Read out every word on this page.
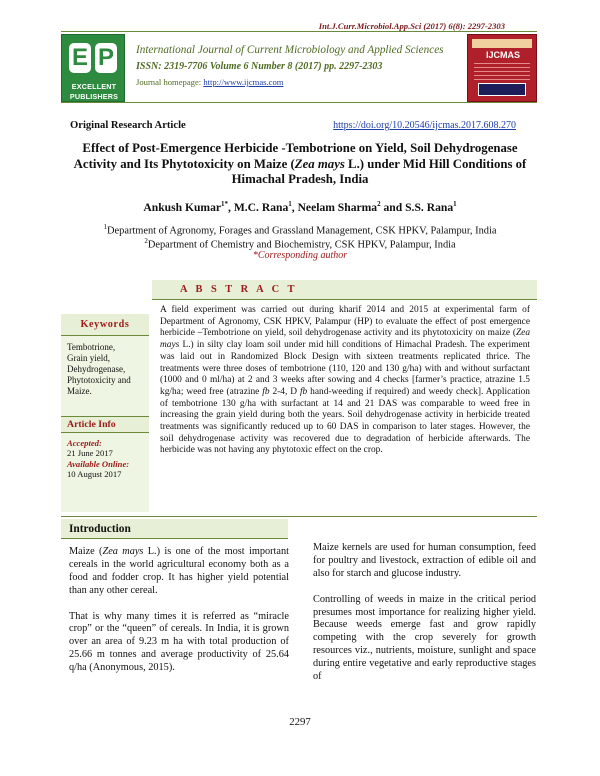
Int.J.Curr.Microbiol.App.Sci (2017) 6(8): 2297-2303
E P
EXCELLENT
PUBLISHERS
International Journal of Current Microbiology and Applied Sciences
ISSN: 2319-7706 Volume 6 Number 8 (2017) pp. 2297-2303
Journal homepage: http://www.ijcmas.com
IJCMAS
Original Research Article	https://doi.org/10.20546/ijcmas.2017.608.270
Effect of Post-Emergence Herbicide -Tembotrione on Yield, Soil Dehydrogenase Activity and Its Phytotoxicity on Maize (Zea mays L.) under Mid Hill Conditions of Himachal Pradesh, India
Ankush Kumar$^{1*}$, M.C. Rana$^1$, Neelam Sharma$^2$ and S.S. Rana$^1$
$^1$Department of Agronomy, Forages and Grassland Management, CSK HPKV, Palampur, India
$^2$Department of Chemistry and Biochemistry, CSK HPKV, Palampur, India
*Corresponding author
Keywords
Tembotrione,
Grain yield,
Dehydrogenase,
Phytotoxicity and
Maize.
Article Info
Accepted:
21 June 2017
Available Online:
10 August 2017
A B S T R A C T
A field experiment was carried out during kharif 2014 and 2015 at experimental farm of Department of Agronomy, CSK HPKV, Palampur (HP) to evaluate the effect of post emergence herbicide –Tembotrione on yield, soil dehydrogenase activity and its phytotoxicity on maize (Zea mays L.) in silty clay loam soil under mid hill conditions of Himachal Pradesh. The experiment was laid out in Randomized Block Design with sixteen treatments replicated thrice. The treatments were three doses of tembotrione (110, 120 and 130 g/ha) with and without surfactant (1000 and 0 ml/ha) at 2 and 3 weeks after sowing and 4 checks [farmer’s practice, atrazine 1.5 kg/ha; weed free (atrazine fb 2-4, D fb hand-weeding if required) and weedy check]. Application of tembotrione 130 g/ha with surfactant at 14 and 21 DAS was comparable to weed free in increasing the grain yield during both the years. Soil dehydrogenase activity in herbicide treated treatments was significantly reduced up to 60 DAS in comparison to later stages. However, the soil dehydrogenase activity was recovered due to degradation of herbicide afterwards. The herbicide was not having any phytotoxic effect on the crop.
Introduction

Maize (Zea mays L.) is one of the most important cereals in the world agricultural economy both as a food and fodder crop. It has higher yield potential than any other cereal.

That is why many times it is referred as “miracle crop” or the “queen” of cereals. In India, it is grown over an area of 9.23 m ha with total production of 25.66 m tonnes and average productivity of 25.64 q/ha (Anonymous, 2015).

Maize kernels are used for human consumption, feed for poultry and livestock, extraction of edible oil and also for starch and glucose industry.

Controlling of weeds in maize in the critical period presumes most importance for realizing higher yield. Because weeds emerge fast and grow rapidly competing with the crop severely for growth resources viz., nutrients, moisture, sunlight and space during entire vegetative and early reproductive stages of

2297
